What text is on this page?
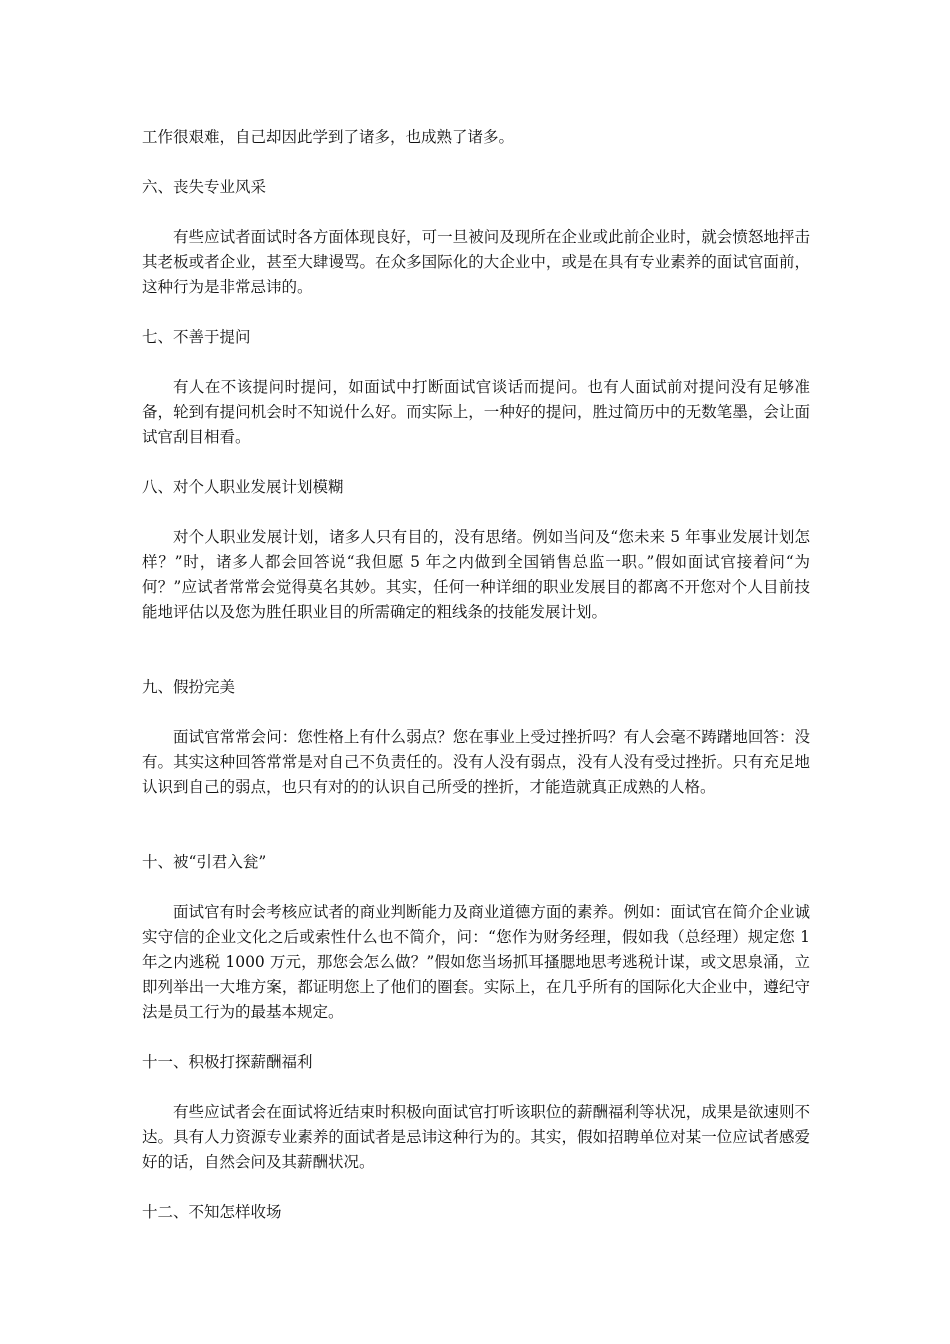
工作很艰难，自己却因此学到了诸多，也成熟了诸多。

六、丧失专业风采

有些应试者面试时各方面体现良好，可一旦被问及现所在企业或此前企业时，就会愤怒地抨击其老板或者企业，甚至大肆谩骂。在众多国际化的大企业中，或是在具有专业素养的面试官面前，这种行为是非常忌讳的。

七、不善于提问

有人在不该提问时提问，如面试中打断面试官谈话而提问。也有人面试前对提问没有足够准备，轮到有提问机会时不知说什么好。而实际上，一种好的提问，胜过简历中的无数笔墨，会让面试官刮目相看。

八、对个人职业发展计划模糊

对个人职业发展计划，诸多人只有目的，没有思绪。例如当问及“您未来 5 年事业发展计划怎样？”时，诸多人都会回答说“我但愿 5 年之内做到全国销售总监一职。”假如面试官接着问“为何？”应试者常常会觉得莫名其妙。其实，任何一种详细的职业发展目的都离不开您对个人目前技能地评估以及您为胜任职业目的所需确定的粗线条的技能发展计划。

九、假扮完美

面试官常常会问：您性格上有什么弱点？您在事业上受过挫折吗？有人会毫不踌躇地回答：没有。其实这种回答常常是对自己不负责任的。没有人没有弱点，没有人没有受过挫折。只有充足地认识到自己的弱点，也只有对的的认识自己所受的挫折，才能造就真正成熟的人格。

十、被“引君入瓮”

面试官有时会考核应试者的商业判断能力及商业道德方面的素养。例如：面试官在简介企业诚实守信的企业文化之后或索性什么也不简介，问：“您作为财务经理，假如我（总经理）规定您 1 年之内逃税 1000 万元，那您会怎么做？”假如您当场抓耳搔腮地思考逃税计谋，或文思泉涌，立即列举出一大堆方案，都证明您上了他们的圈套。实际上，在几乎所有的国际化大企业中，遵纪守法是员工行为的最基本规定。

十一、积极打探薪酬福利

有些应试者会在面试将近结束时积极向面试官打听该职位的薪酬福利等状况，成果是欲速则不达。具有人力资源专业素养的面试者是忌讳这种行为的。其实，假如招聘单位对某一位应试者感爱好的话，自然会问及其薪酬状况。

十二、不知怎样收场
